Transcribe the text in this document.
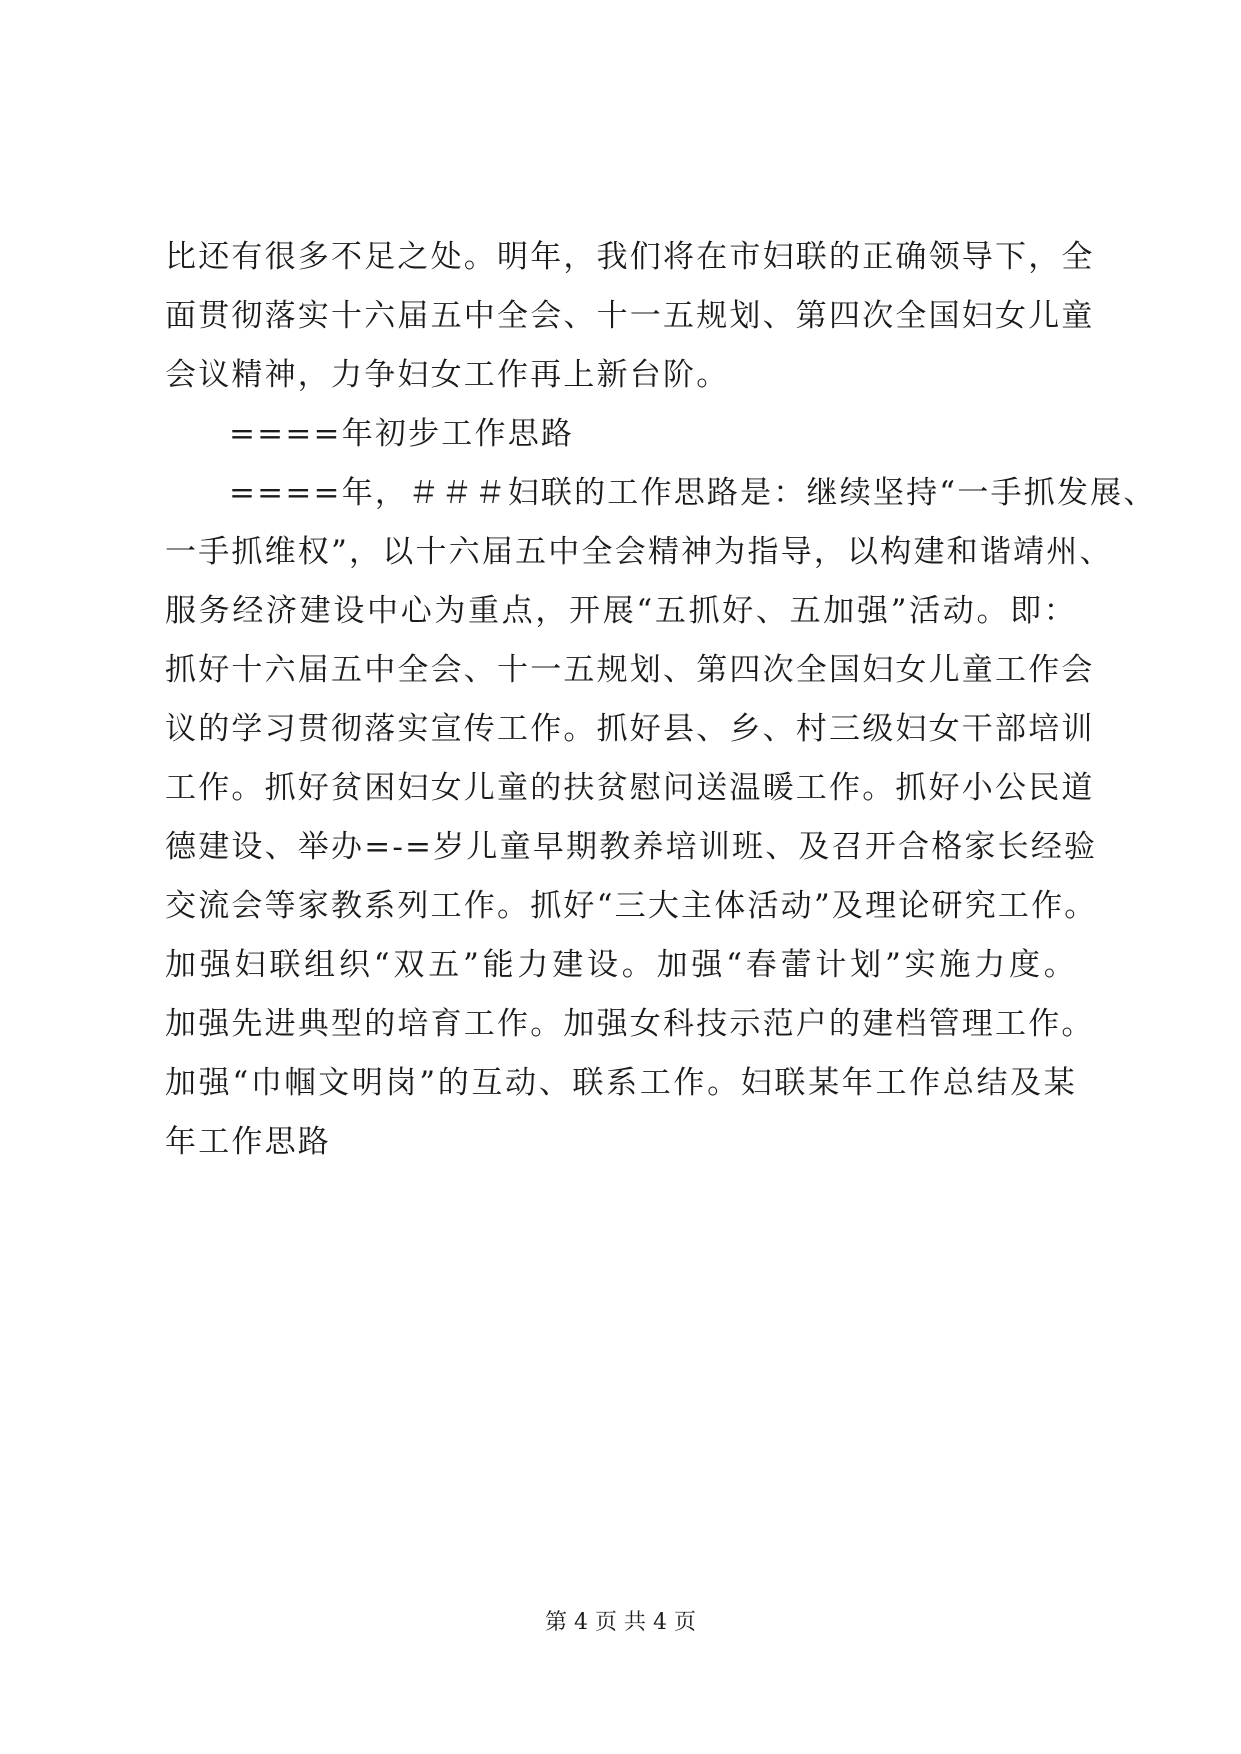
比还有很多不足之处。明年，我们将在市妇联的正确领导下，全
面贯彻落实十六届五中全会、十一五规划、第四次全国妇女儿童
会议精神，力争妇女工作再上新台阶。
====年初步工作思路
====年，＃＃＃妇联的工作思路是：继续坚持“一手抓发展、
一手抓维权”，以十六届五中全会精神为指导，以构建和谐靖州、
服务经济建设中心为重点，开展“五抓好、五加强”活动。即：
抓好十六届五中全会、十一五规划、第四次全国妇女儿童工作会
议的学习贯彻落实宣传工作。抓好县、乡、村三级妇女干部培训
工作。抓好贫困妇女儿童的扶贫慰问送温暖工作。抓好小公民道
德建设、举办=-=岁儿童早期教养培训班、及召开合格家长经验
交流会等家教系列工作。抓好“三大主体活动”及理论研究工作。
加强妇联组织“双五”能力建设。加强“春蕾计划”实施力度。
加强先进典型的培育工作。加强女科技示范户的建档管理工作。
加强“巾帼文明岗”的互动、联系工作。妇联某年工作总结及某
年工作思路
第 4 页 共 4 页
